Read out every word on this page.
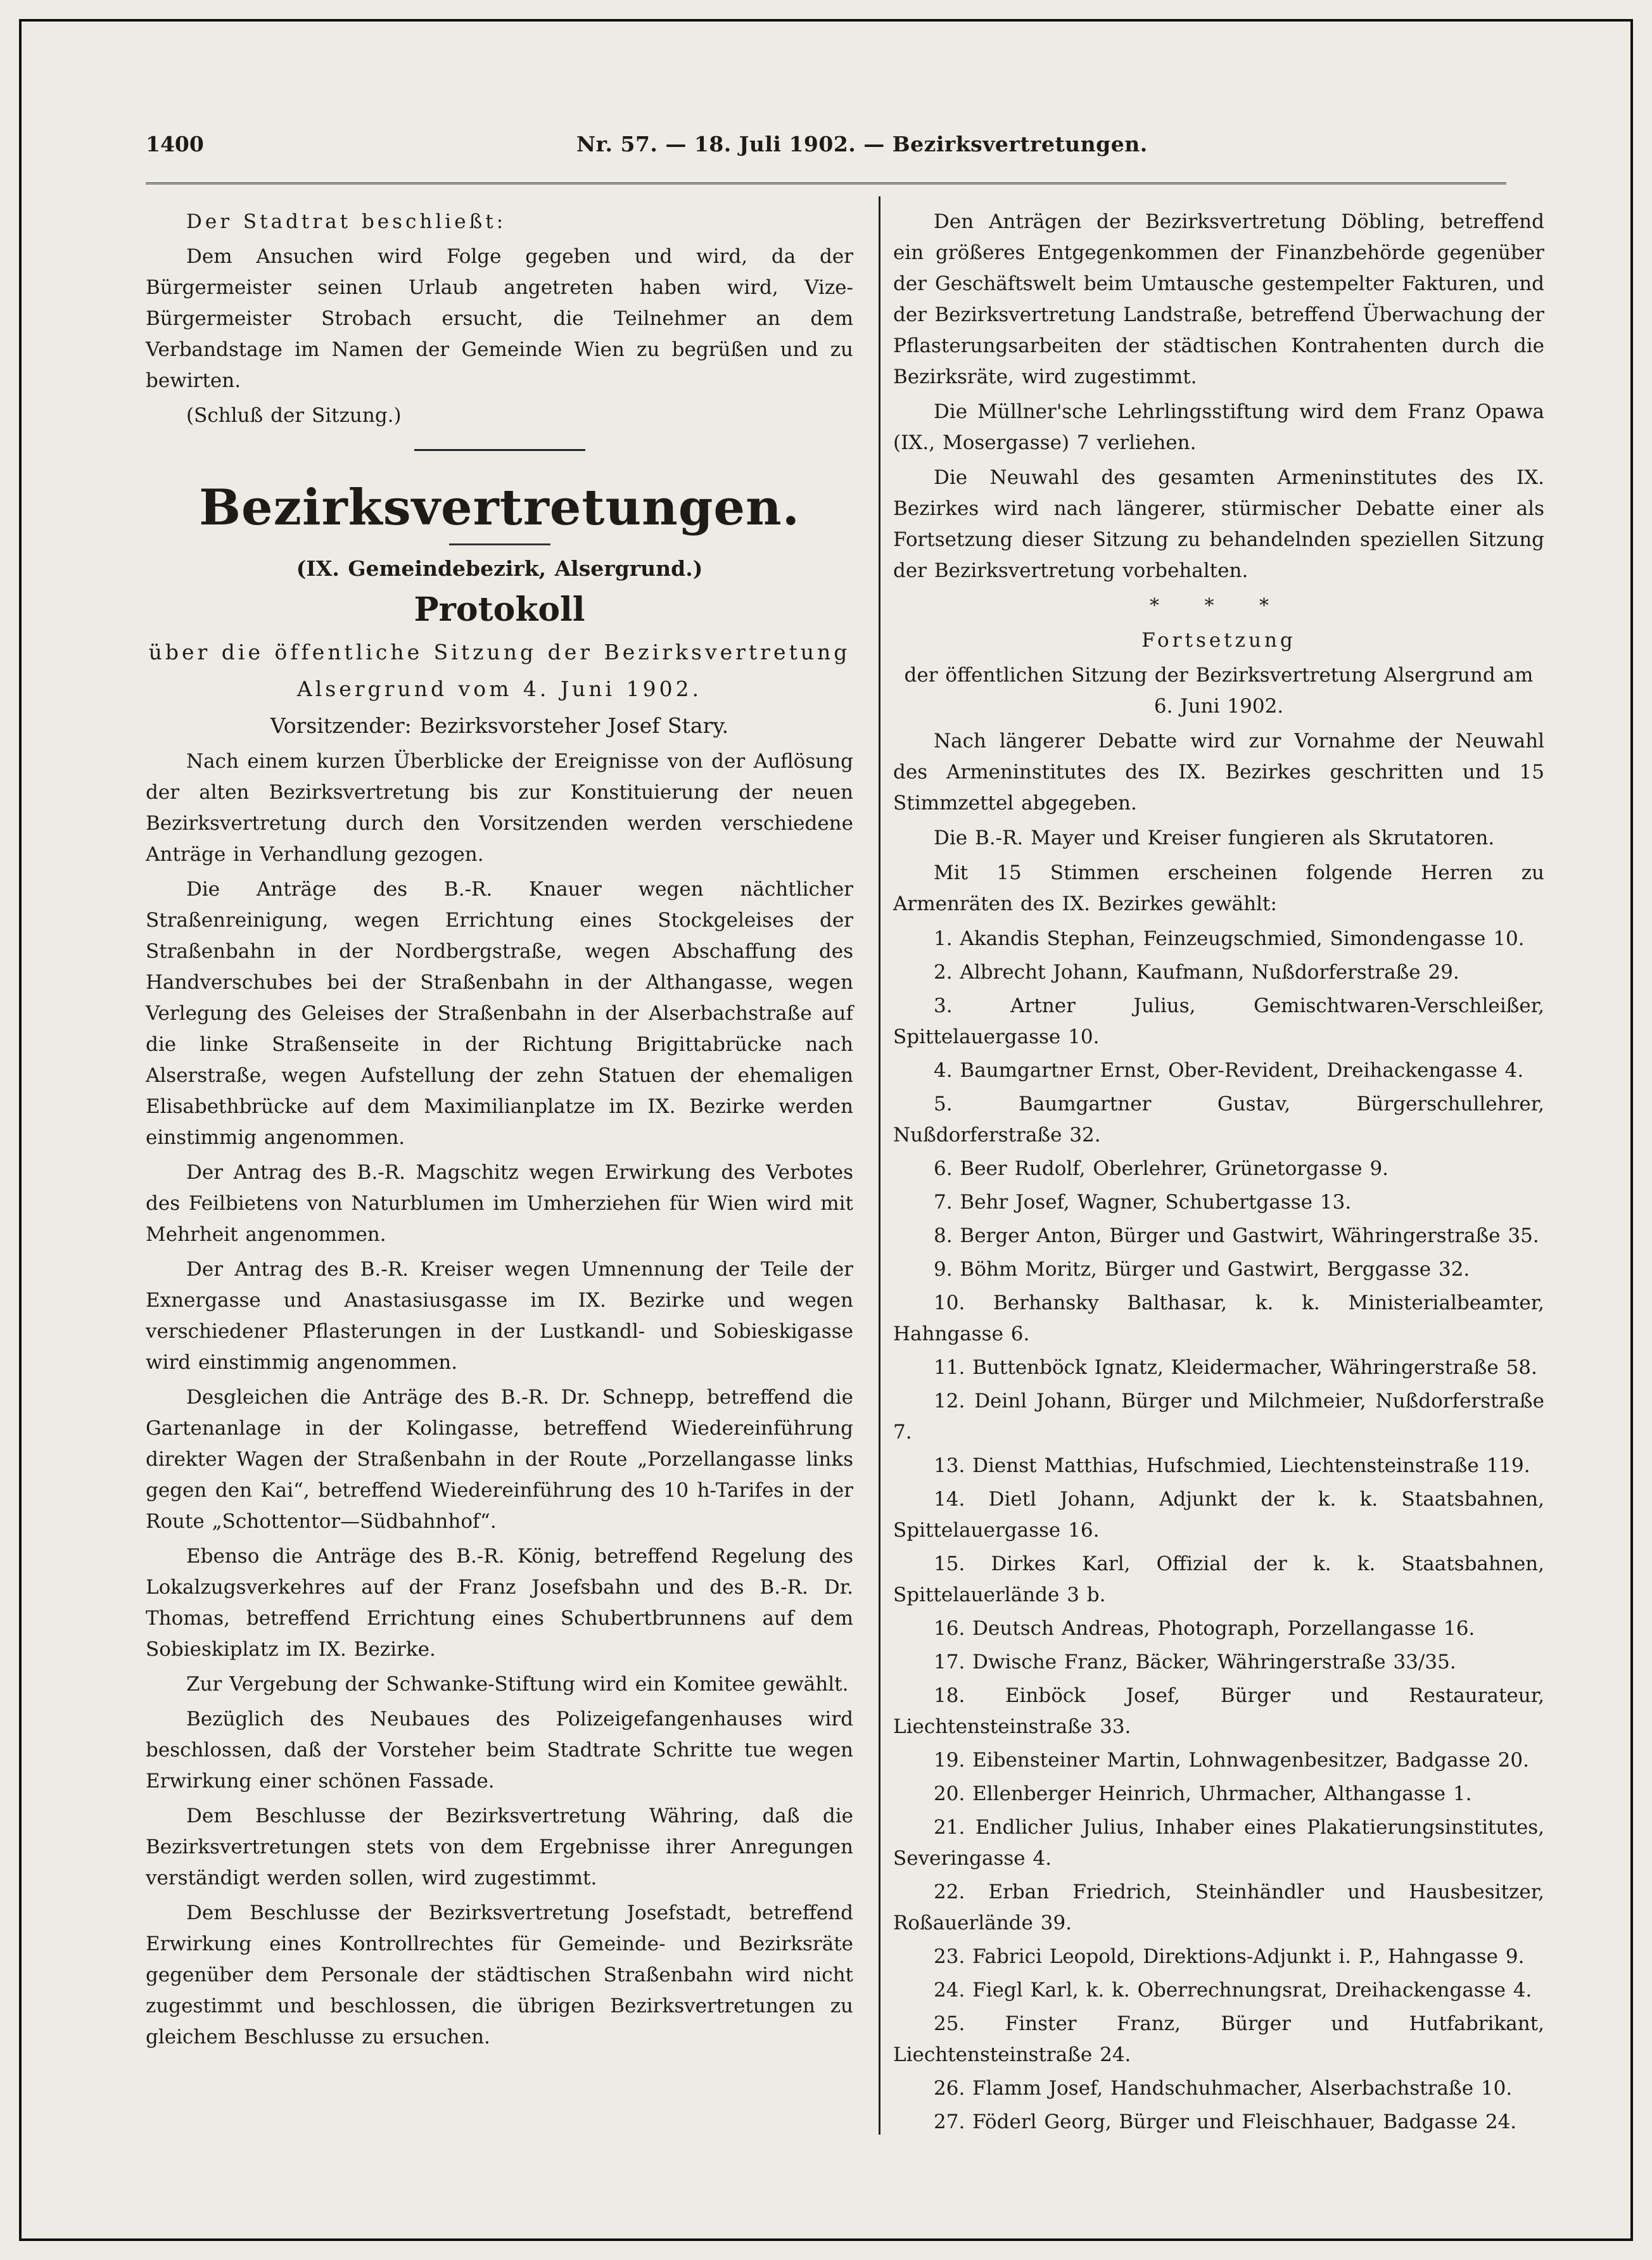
1400	Nr. 57. — 18. Juli 1902. — Bezirksvertretungen.

Der Stadtrat beschließt:

Dem Ansuchen wird Folge gegeben und wird, da der Bürgermeister seinen Urlaub angetreten haben wird, Vize-Bürgermeister Strobach ersucht, die Teilnehmer an dem Verbandstage im Namen der Gemeinde Wien zu begrüßen und zu bewirten.

(Schluß der Sitzung.)

Bezirksvertretungen.

(IX. Gemeindebezirk, Alsergrund.)

Protokoll

über die öffentliche Sitzung der Bezirksvertretung

Alsergrund vom 4. Juni 1902.

Vorsitzender: Bezirksvorsteher Josef Stary.

Nach einem kurzen Überblicke der Ereignisse von der Auflösung der alten Bezirksvertretung bis zur Konstituierung der neuen Bezirksvertretung durch den Vorsitzenden werden verschiedene Anträge in Verhandlung gezogen.

Die Anträge des B.-R. Knauer wegen nächtlicher Straßenreinigung, wegen Errichtung eines Stockgeleises der Straßenbahn in der Nordbergstraße, wegen Abschaffung des Handverschubes bei der Straßenbahn in der Althangasse, wegen Verlegung des Geleises der Straßenbahn in der Alserbachstraße auf die linke Straßenseite in der Richtung Brigittabrücke nach Alserstraße, wegen Aufstellung der zehn Statuen der ehemaligen Elisabethbrücke auf dem Maximilianplatze im IX. Bezirke werden einstimmig angenommen.

Der Antrag des B.-R. Magschitz wegen Erwirkung des Verbotes des Feilbietens von Naturblumen im Umherziehen für Wien wird mit Mehrheit angenommen.

Der Antrag des B.-R. Kreiser wegen Umnennung der Teile der Exnergasse und Anastasiusgasse im IX. Bezirke und wegen verschiedener Pflasterungen in der Lustkandl- und Sobieskigasse wird einstimmig angenommen.

Desgleichen die Anträge des B.-R. Dr. Schnepp, betreffend die Gartenanlage in der Kolingasse, betreffend Wiedereinführung direkter Wagen der Straßenbahn in der Route „Porzellangasse links gegen den Kai“, betreffend Wiedereinführung des 10 h-Tarifes in der Route „Schottentor—Südbahnhof“.

Ebenso die Anträge des B.-R. König, betreffend Regelung des Lokalzugsverkehres auf der Franz Josefsbahn und des B.-R. Dr. Thomas, betreffend Errichtung eines Schubertbrunnens auf dem Sobieskiplatz im IX. Bezirke.

Zur Vergebung der Schwanke-Stiftung wird ein Komitee gewählt.

Bezüglich des Neubaues des Polizeigefangenhauses wird beschlossen, daß der Vorsteher beim Stadtrate Schritte tue wegen Erwirkung einer schönen Fassade.

Dem Beschlusse der Bezirksvertretung Währing, daß die Bezirksvertretungen stets von dem Ergebnisse ihrer Anregungen verständigt werden sollen, wird zugestimmt.

Dem Beschlusse der Bezirksvertretung Josefstadt, betreffend Erwirkung eines Kontrollrechtes für Gemeinde- und Bezirksräte gegenüber dem Personale der städtischen Straßenbahn wird nicht zugestimmt und beschlossen, die übrigen Bezirksvertretungen zu gleichem Beschlusse zu ersuchen.

Den Anträgen der Bezirksvertretung Döbling, betreffend ein größeres Entgegenkommen der Finanzbehörde gegenüber der Geschäftswelt beim Umtausche gestempelter Fakturen, und der Bezirksvertretung Landstraße, betreffend Überwachung der Pflasterungsarbeiten der städtischen Kontrahenten durch die Bezirksräte, wird zugestimmt.

Die Müllner'sche Lehrlingsstiftung wird dem Franz Opawa (IX., Mosergasse) 7 verliehen.

Die Neuwahl des gesamten Armeninstitutes des IX. Bezirkes wird nach längerer, stürmischer Debatte einer als Fortsetzung dieser Sitzung zu behandelnden speziellen Sitzung der Bezirksvertretung vorbehalten.

* * *

Fortsetzung

der öffentlichen Sitzung der Bezirksvertretung Alsergrund am 6. Juni 1902.

Nach längerer Debatte wird zur Vornahme der Neuwahl des Armeninstitutes des IX. Bezirkes geschritten und 15 Stimmzettel abgegeben.

Die B.-R. Mayer und Kreiser fungieren als Skrutatoren.

Mit 15 Stimmen erscheinen folgende Herren zu Armenräten des IX. Bezirkes gewählt:

1. Akandis Stephan, Feinzeugschmied, Simondengasse 10.

2. Albrecht Johann, Kaufmann, Nußdorferstraße 29.

3. Artner Julius, Gemischtwaren-Verschleißer, Spittelauergasse 10.

4. Baumgartner Ernst, Ober-Revident, Dreihackengasse 4.

5. Baumgartner Gustav, Bürgerschullehrer, Nußdorferstraße 32.

6. Beer Rudolf, Oberlehrer, Grünetorgasse 9.

7. Behr Josef, Wagner, Schubertgasse 13.

8. Berger Anton, Bürger und Gastwirt, Währingerstraße 35.

9. Böhm Moritz, Bürger und Gastwirt, Berggasse 32.

10. Berhansky Balthasar, k. k. Ministerialbeamter, Hahngasse 6.

11. Buttenböck Ignatz, Kleidermacher, Währingerstraße 58.

12. Deinl Johann, Bürger und Milchmeier, Nußdorferstraße 7.

13. Dienst Matthias, Hufschmied, Liechtensteinstraße 119.

14. Dietl Johann, Adjunkt der k. k. Staatsbahnen, Spittelauergasse 16.

15. Dirkes Karl, Offizial der k. k. Staatsbahnen, Spittelauerlände 3 b.

16. Deutsch Andreas, Photograph, Porzellangasse 16.

17. Dwische Franz, Bäcker, Währingerstraße 33/35.

18. Einböck Josef, Bürger und Restaurateur, Liechtensteinstraße 33.

19. Eibensteiner Martin, Lohnwagenbesitzer, Badgasse 20.

20. Ellenberger Heinrich, Uhrmacher, Althangasse 1.

21. Endlicher Julius, Inhaber eines Plakatierungsinstitutes, Severingasse 4.

22. Erban Friedrich, Steinhändler und Hausbesitzer, Roßauerlände 39.

23. Fabrici Leopold, Direktions-Adjunkt i. P., Hahngasse 9.

24. Fiegl Karl, k. k. Oberrechnungsrat, Dreihackengasse 4.

25. Finster Franz, Bürger und Hutfabrikant, Liechtensteinstraße 24.

26. Flamm Josef, Handschuhmacher, Alserbachstraße 10.

27. Föderl Georg, Bürger und Fleischhauer, Badgasse 24.
